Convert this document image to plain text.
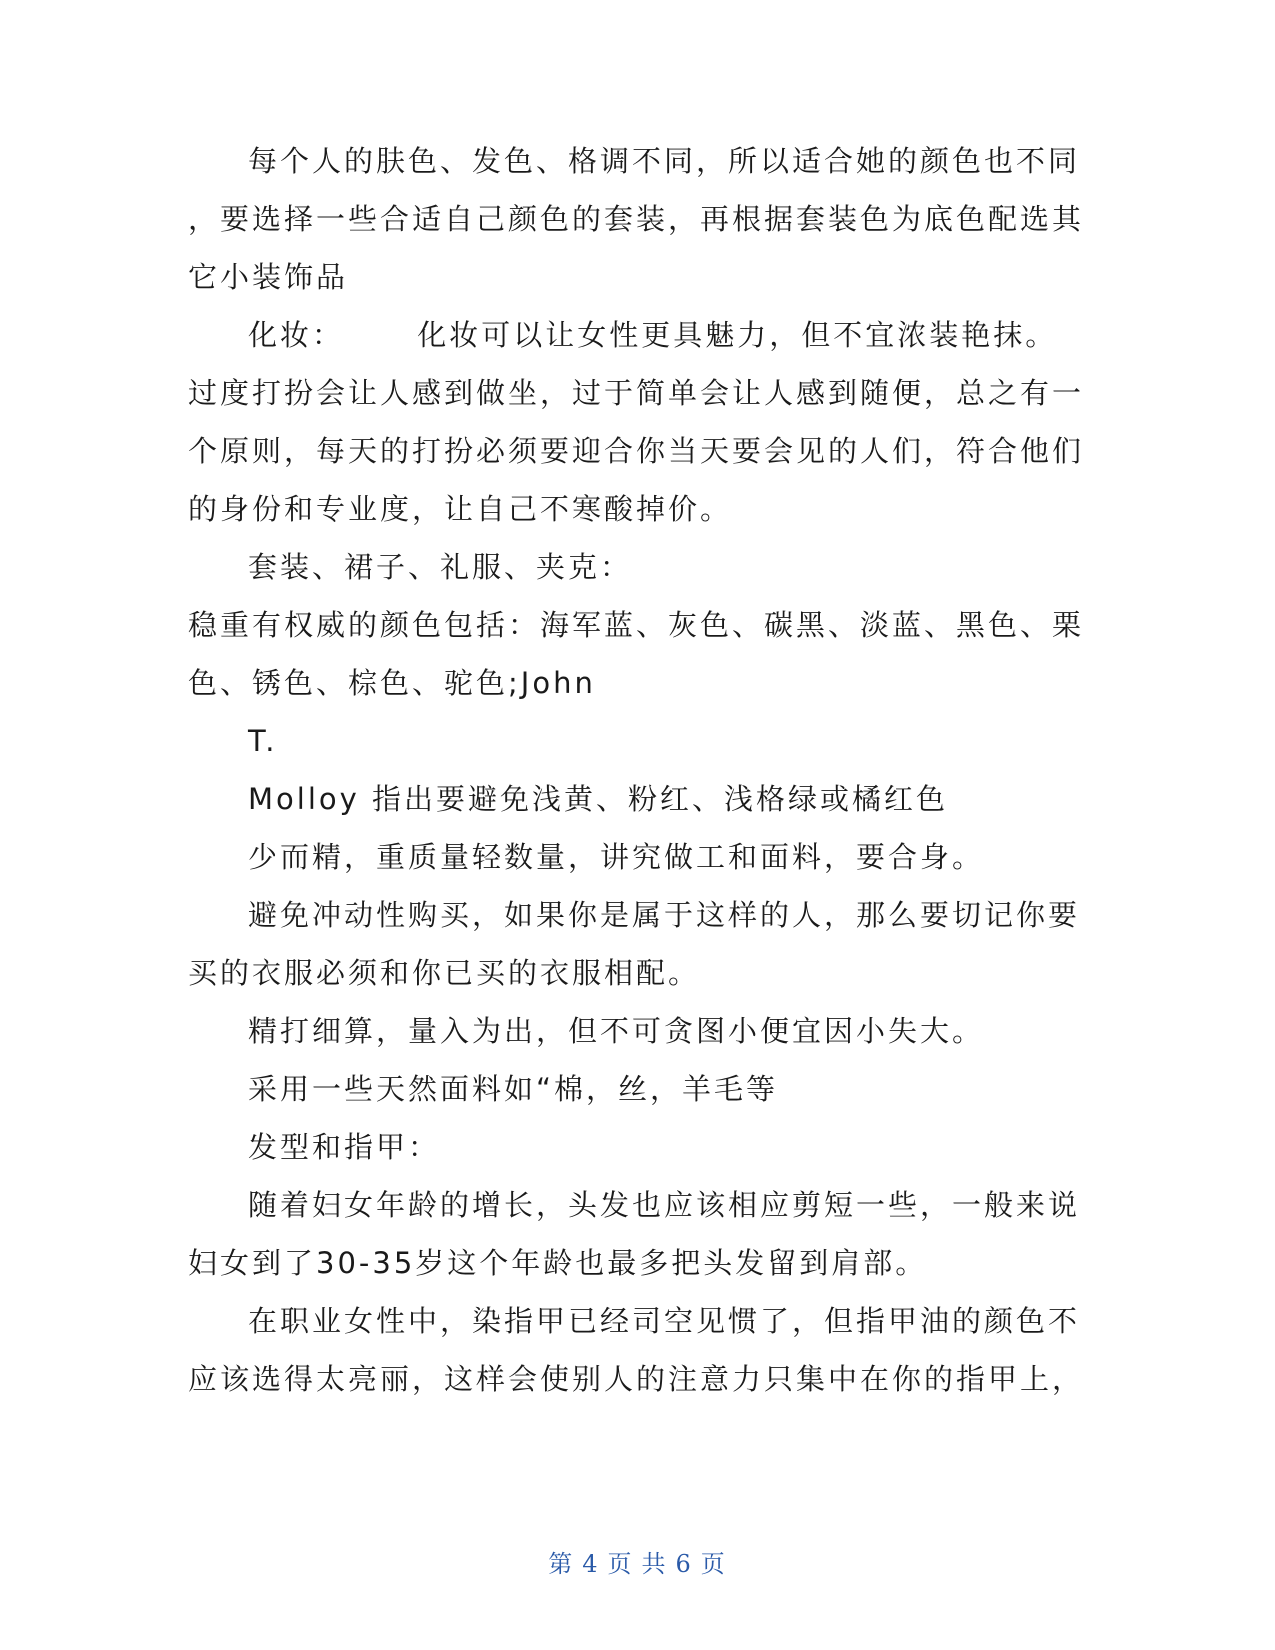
每个人的肤色、发色、格调不同，所以适合她的颜色也不同
，要选择一些合适自己颜色的套装，再根据套装色为底色配选其
它小装饰品
化妆：      化妆可以让女性更具魅力，但不宜浓装艳抹。
过度打扮会让人感到做坐，过于简单会让人感到随便，总之有一
个原则，每天的打扮必须要迎合你当天要会见的人们，符合他们
的身份和专业度，让自己不寒酸掉价。
套装、裙子、礼服、夹克：
稳重有权威的颜色包括：海军蓝、灰色、碳黑、淡蓝、黑色、栗
色、锈色、棕色、驼色;John
T.
Molloy 指出要避免浅黄、粉红、浅格绿或橘红色
少而精，重质量轻数量，讲究做工和面料，要合身。
避免冲动性购买，如果你是属于这样的人，那么要切记你要
买的衣服必须和你已买的衣服相配。
精打细算，量入为出，但不可贪图小便宜因小失大。
采用一些天然面料如“棉，丝，羊毛等
发型和指甲：
随着妇女年龄的增长，头发也应该相应剪短一些，一般来说
妇女到了30-35岁这个年龄也最多把头发留到肩部。
在职业女性中，染指甲已经司空见惯了，但指甲油的颜色不
应该选得太亮丽，这样会使别人的注意力只集中在你的指甲上，
第 4 页 共 6 页
